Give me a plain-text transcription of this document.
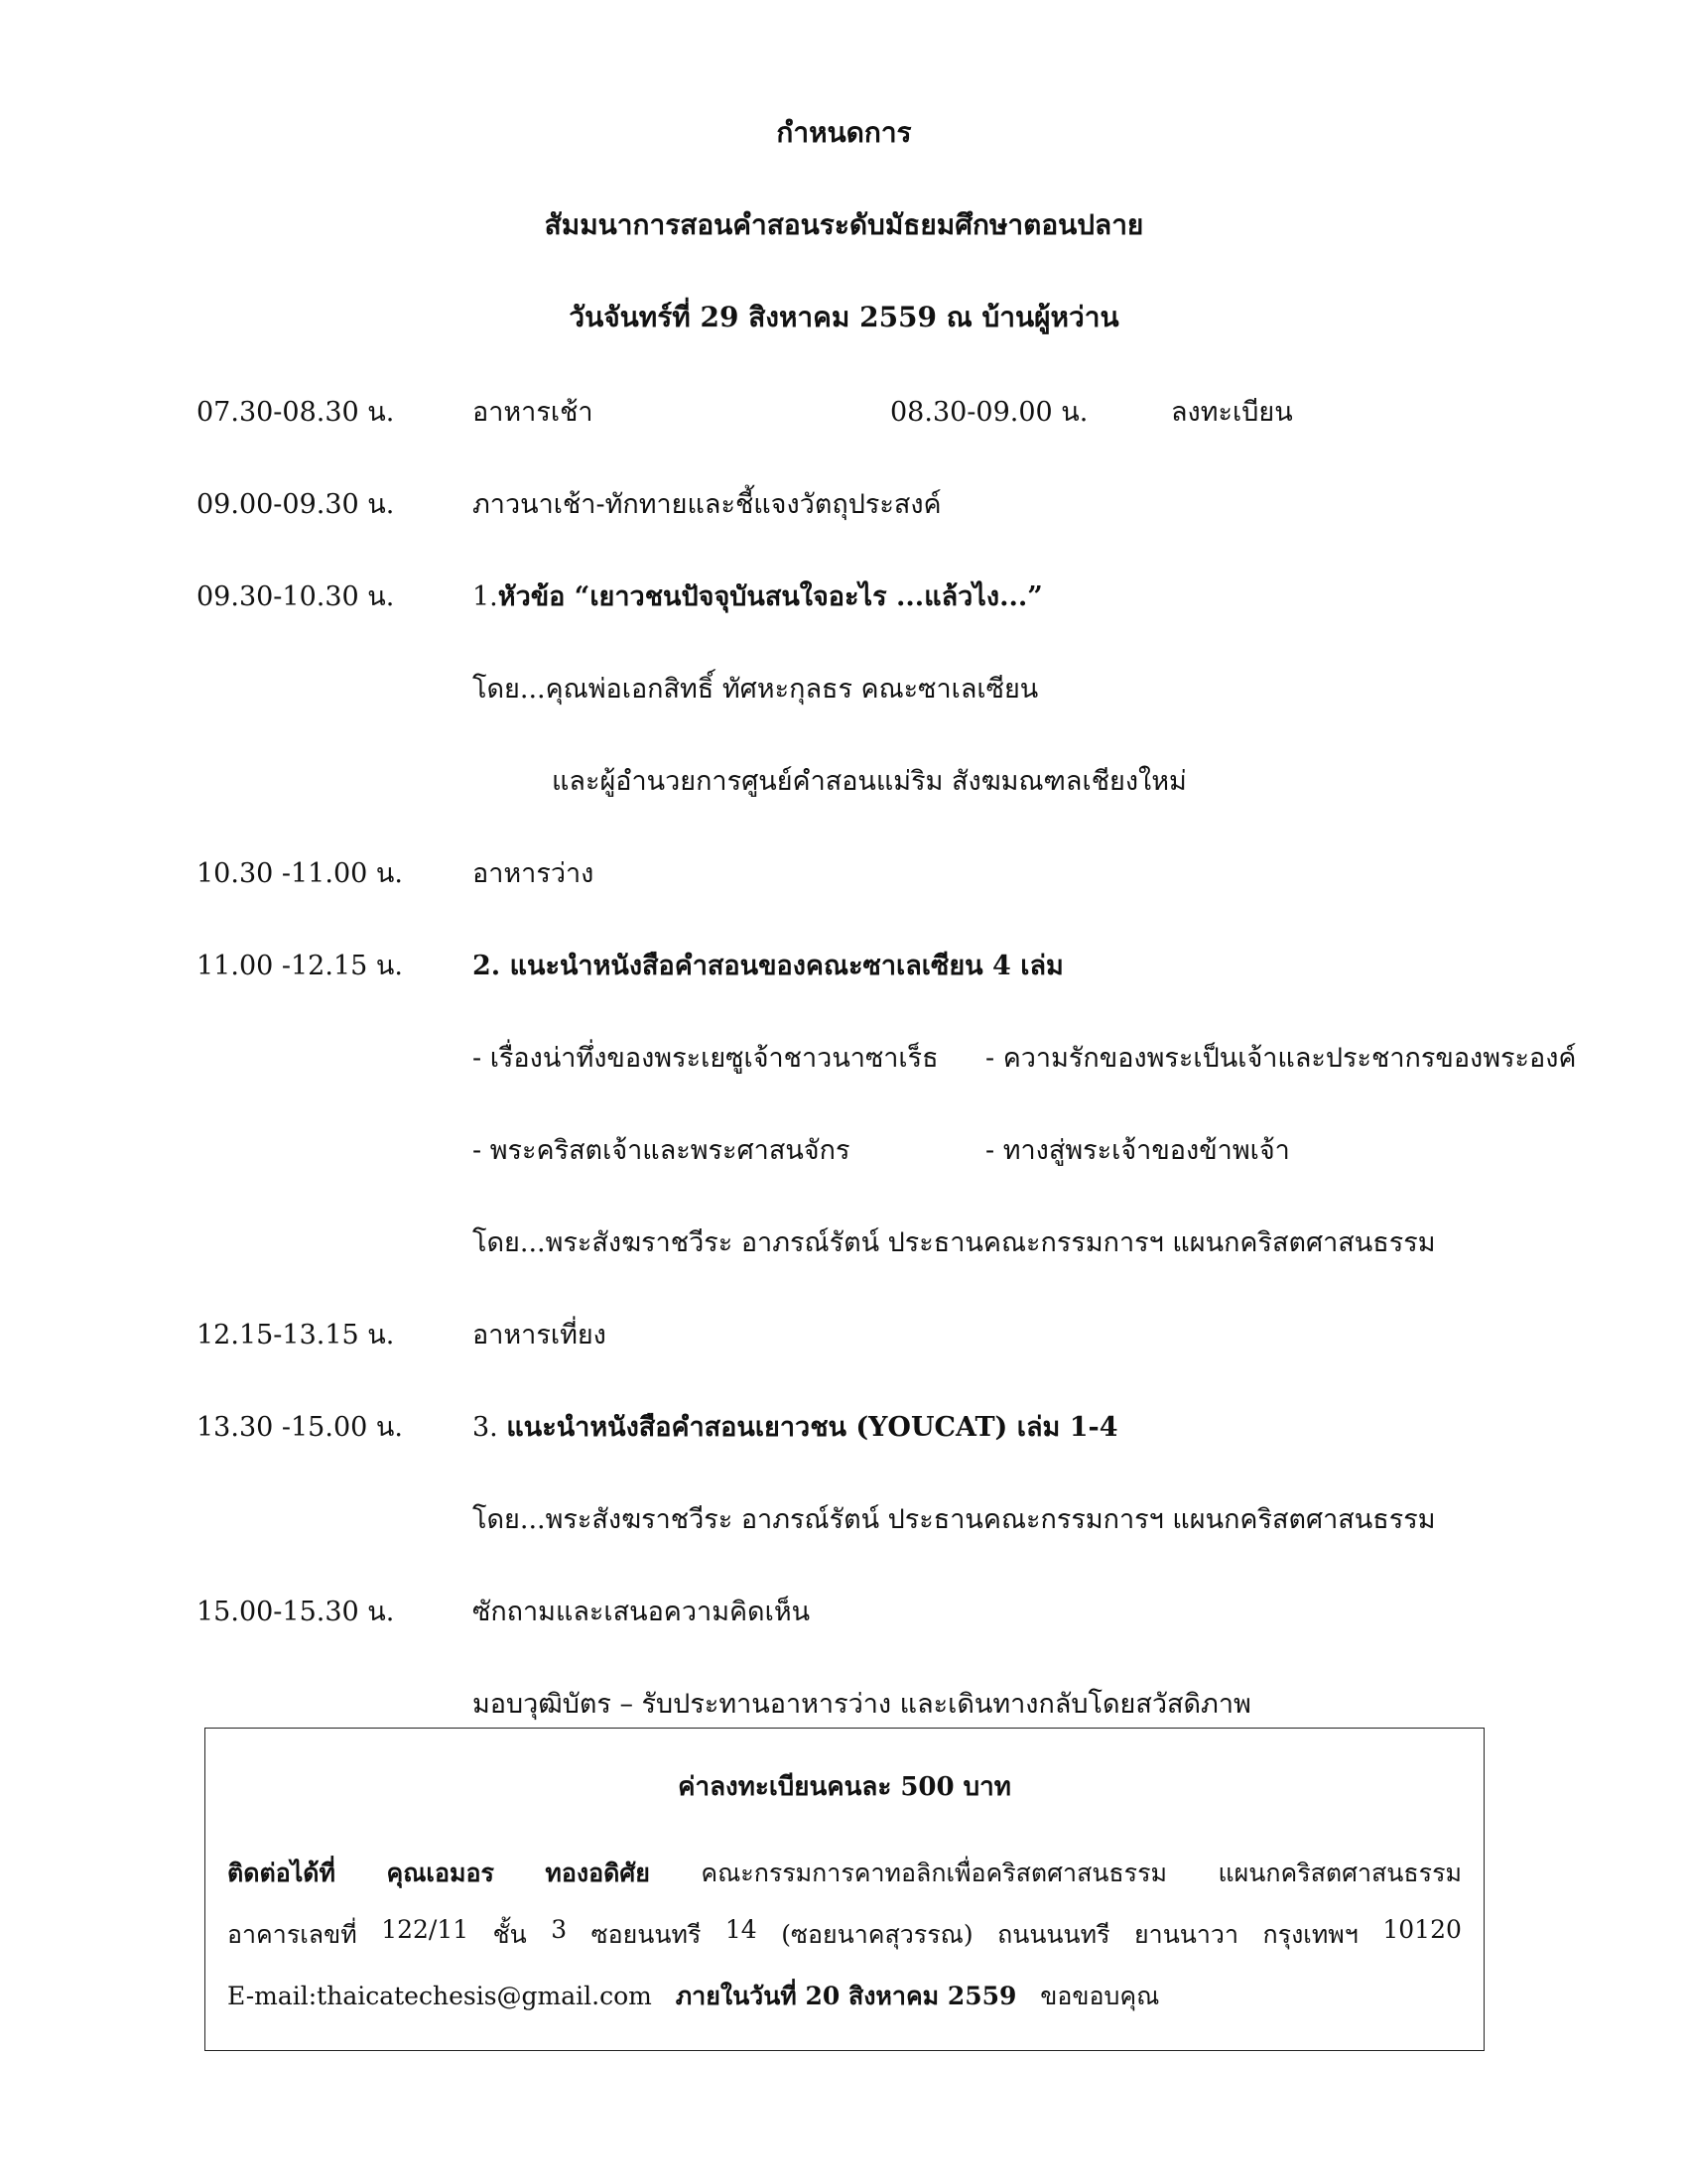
กำหนดการ
สัมมนาการสอนคำสอนระดับมัธยมศึกษาตอนปลาย
วันจันทร์ที่ 29 สิงหาคม 2559 ณ บ้านผู้หว่าน
07.30-08.30 น.	อาหารเช้า	08.30-09.00 น.	ลงทะเบียน
09.00-09.30 น.	ภาวนาเช้า-ทักทายและชี้แจงวัตถุประสงค์
09.30-10.30 น.	1.หัวข้อ “เยาวชนปัจจุบันสนใจอะไร ...แล้วไง...”
โดย...คุณพ่อเอกสิทธิ์ ทัศหะกุลธร คณะซาเลเซียน
และผู้อำนวยการศูนย์คำสอนแม่ริม สังฆมณฑลเชียงใหม่
10.30 -11.00 น.	อาหารว่าง
11.00 -12.15 น.	2. แนะนำหนังสือคำสอนของคณะซาเลเซียน 4 เล่ม
- เรื่องน่าทึ่งของพระเยซูเจ้าชาวนาซาเร็ธ - ความรักของพระเป็นเจ้าและประชากรของพระองค์
- พระคริสตเจ้าและพระศาสนจักร	- ทางสู่พระเจ้าของข้าพเจ้า
โดย...พระสังฆราชวีระ อาภรณ์รัตน์ ประธานคณะกรรมการฯ แผนกคริสตศาสนธรรม
12.15-13.15 น.	อาหารเที่ยง
13.30 -15.00 น.	3. แนะนำหนังสือคำสอนเยาวชน (YOUCAT) เล่ม 1-4
โดย...พระสังฆราชวีระ อาภรณ์รัตน์ ประธานคณะกรรมการฯ แผนกคริสตศาสนธรรม
15.00-15.30 น.	ซักถามและเสนอความคิดเห็น
มอบวุฒิบัตร – รับประทานอาหารว่าง และเดินทางกลับโดยสวัสดิภาพ
ค่าลงทะเบียนคนละ 500 บาท
ติดต่อได้ที่ คุณเอมอร ทองอดิศัย คณะกรรมการคาทอลิกเพื่อคริสตศาสนธรรม แผนกคริสตศาสนธรรม
อาคารเลขที่ 122/11 ชั้น 3 ซอยนนทรี 14 (ซอยนาคสุวรรณ) ถนนนนทรี ยานนาวา กรุงเทพฯ 10120
E-mail:thaicatechesis@gmail.com ภายในวันที่ 20 สิงหาคม 2559 ขอขอบคุณ
